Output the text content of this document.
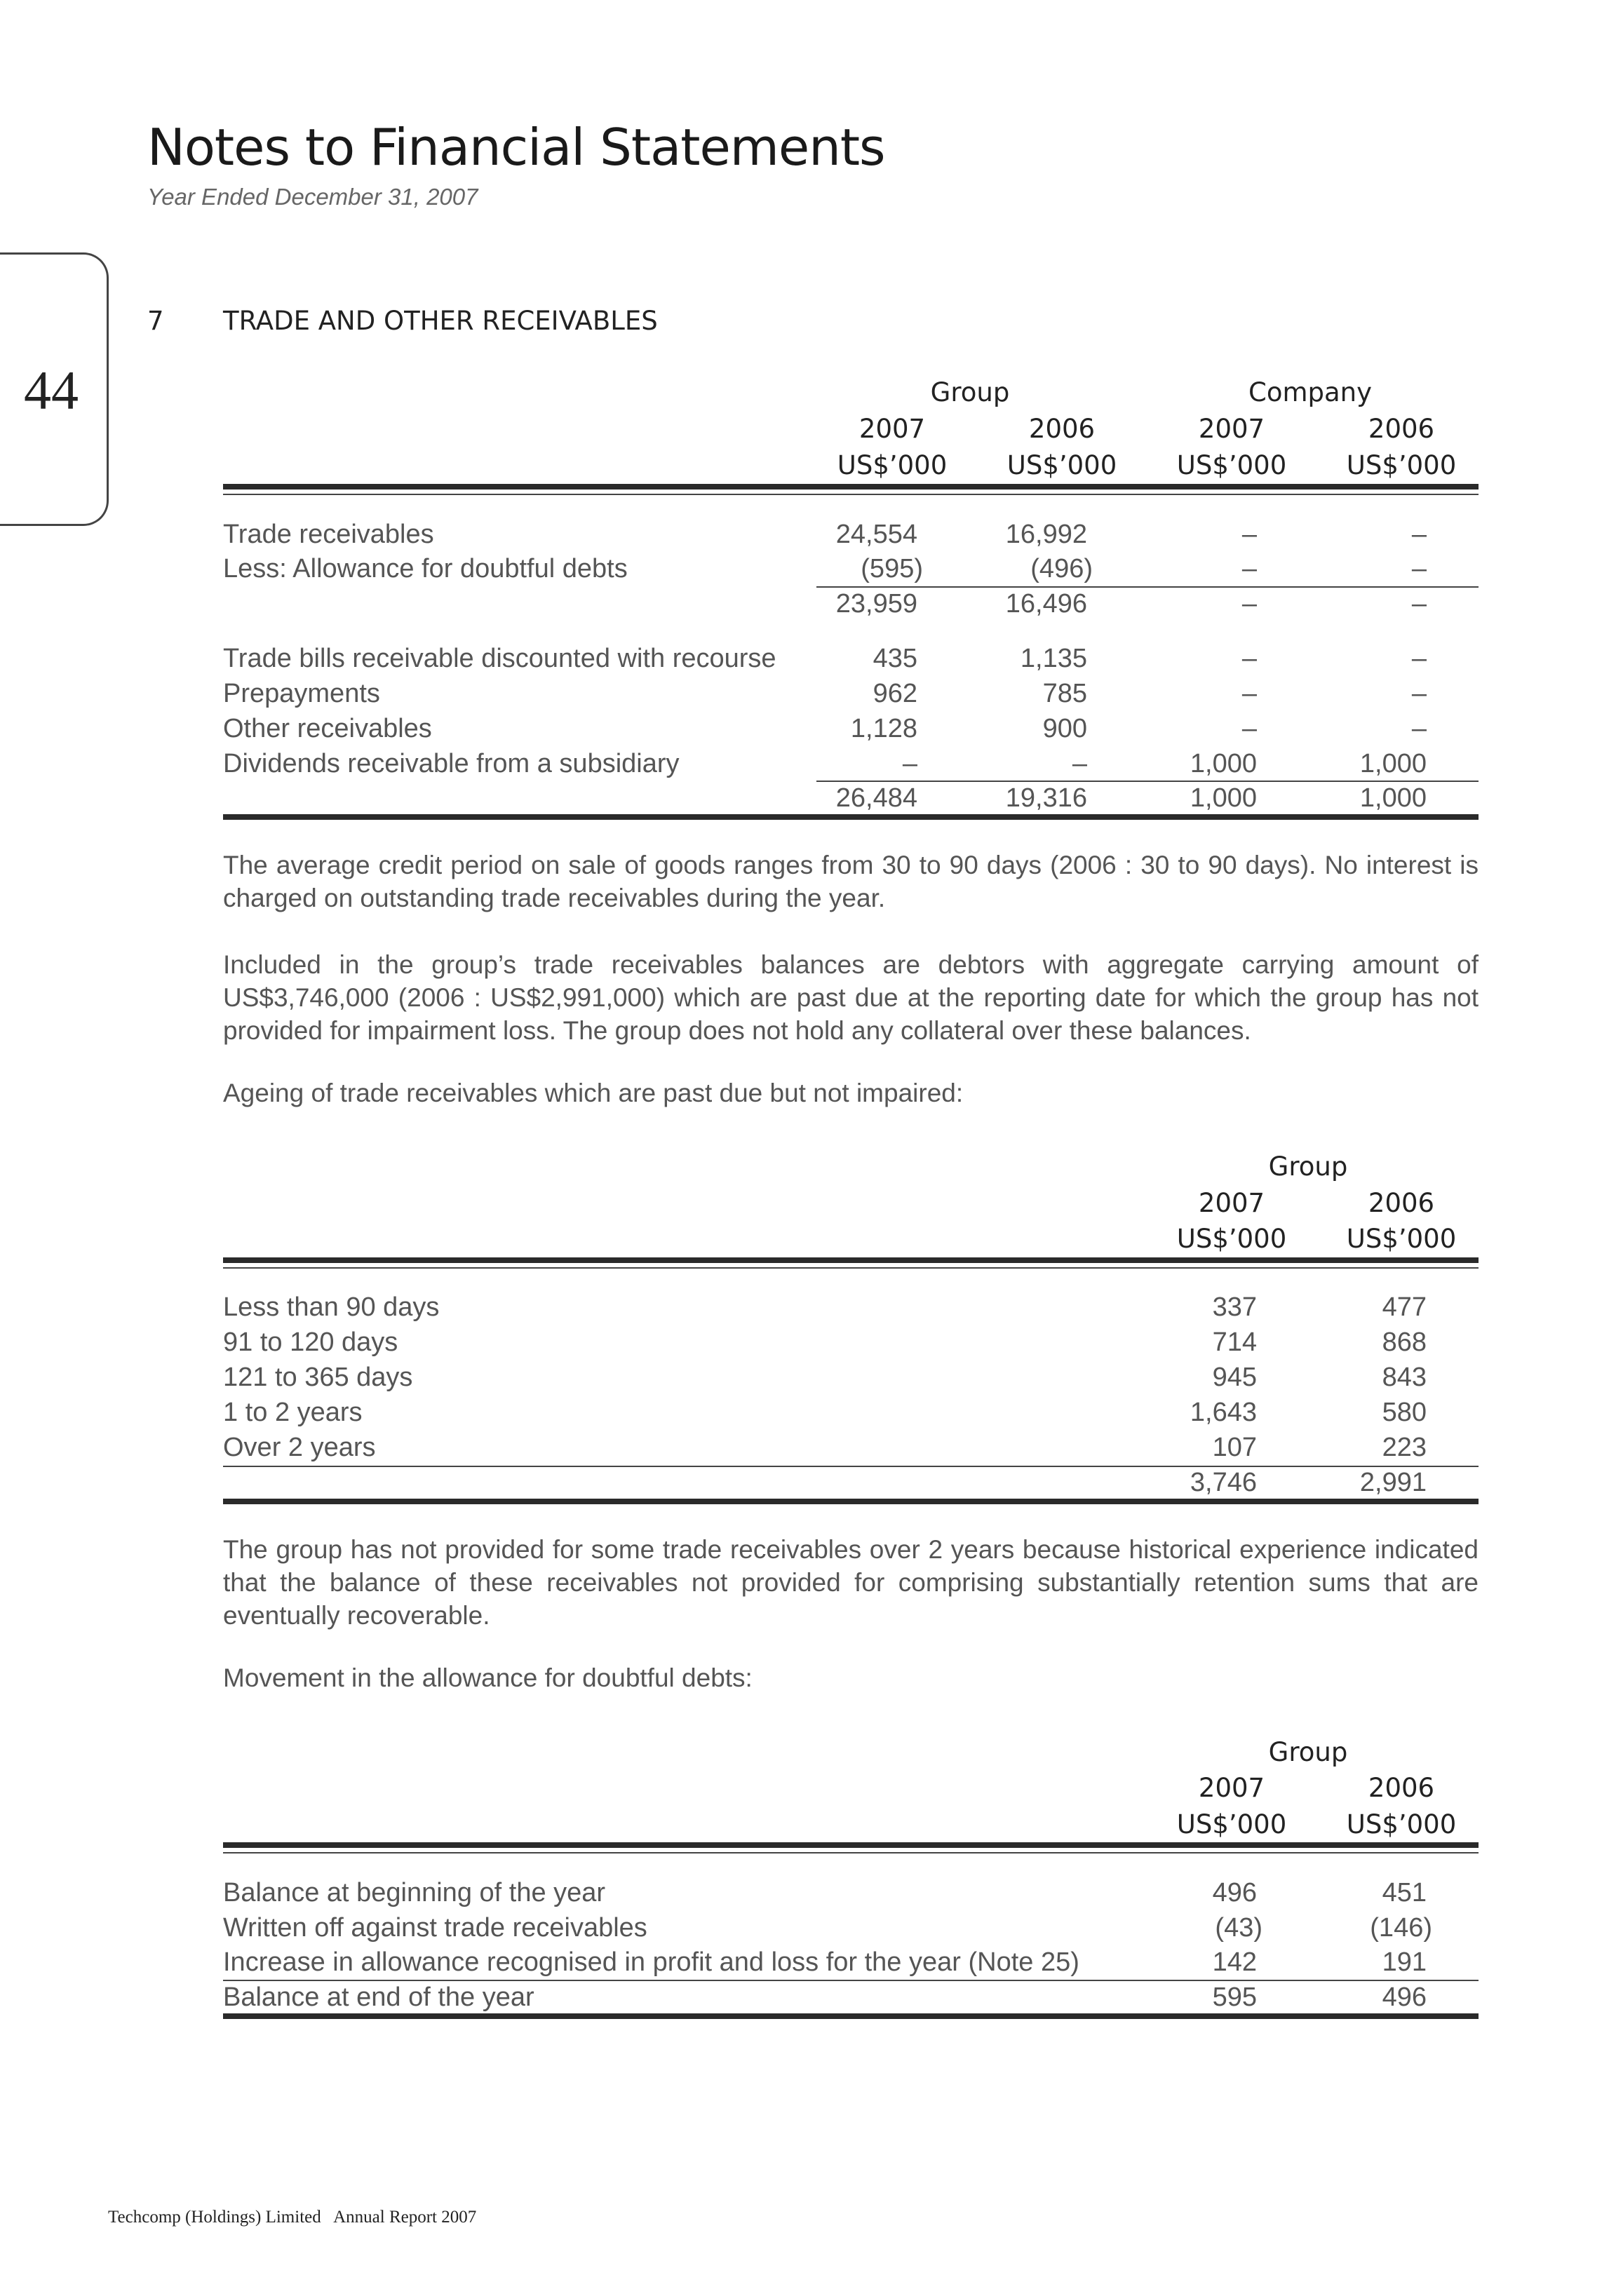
Notes to Financial Statements
Year Ended December 31, 2007
44
7 TRADE AND OTHER RECEIVABLES
Group	Company
2007	2006	2007	2006
US$’000	US$’000	US$’000	US$’000
Trade receivables	24,554	16,992	–	–
Less: Allowance for doubtful debts	(595)	(496)	–	–
23,959	16,496	–	–
Trade bills receivable discounted with recourse	435	1,135	–	–
Prepayments	962	785	–	–
Other receivables	1,128	900	–	–
Dividends receivable from a subsidiary	–	–	1,000	1,000
26,484	19,316	1,000	1,000
The average credit period on sale of goods ranges from 30 to 90 days (2006 : 30 to 90 days). No interest is charged on outstanding trade receivables during the year.
Included in the group’s trade receivables balances are debtors with aggregate carrying amount of US$3,746,000 (2006 : US$2,991,000) which are past due at the reporting date for which the group has not provided for impairment loss. The group does not hold any collateral over these balances.
Ageing of trade receivables which are past due but not impaired:
Group
2007	2006
US$’000	US$’000
Less than 90 days	337	477
91 to 120 days	714	868
121 to 365 days	945	843
1 to 2 years	1,643	580
Over 2 years	107	223
3,746	2,991
The group has not provided for some trade receivables over 2 years because historical experience indicated that the balance of these receivables not provided for comprising substantially retention sums that are eventually recoverable.
Movement in the allowance for doubtful debts:
Group
2007	2006
US$’000	US$’000
Balance at beginning of the year	496	451
Written off against trade receivables	(43)	(146)
Increase in allowance recognised in profit and loss for the year (Note 25)	142	191
Balance at end of the year	595	496
Techcomp (Holdings) Limited   Annual Report 2007
